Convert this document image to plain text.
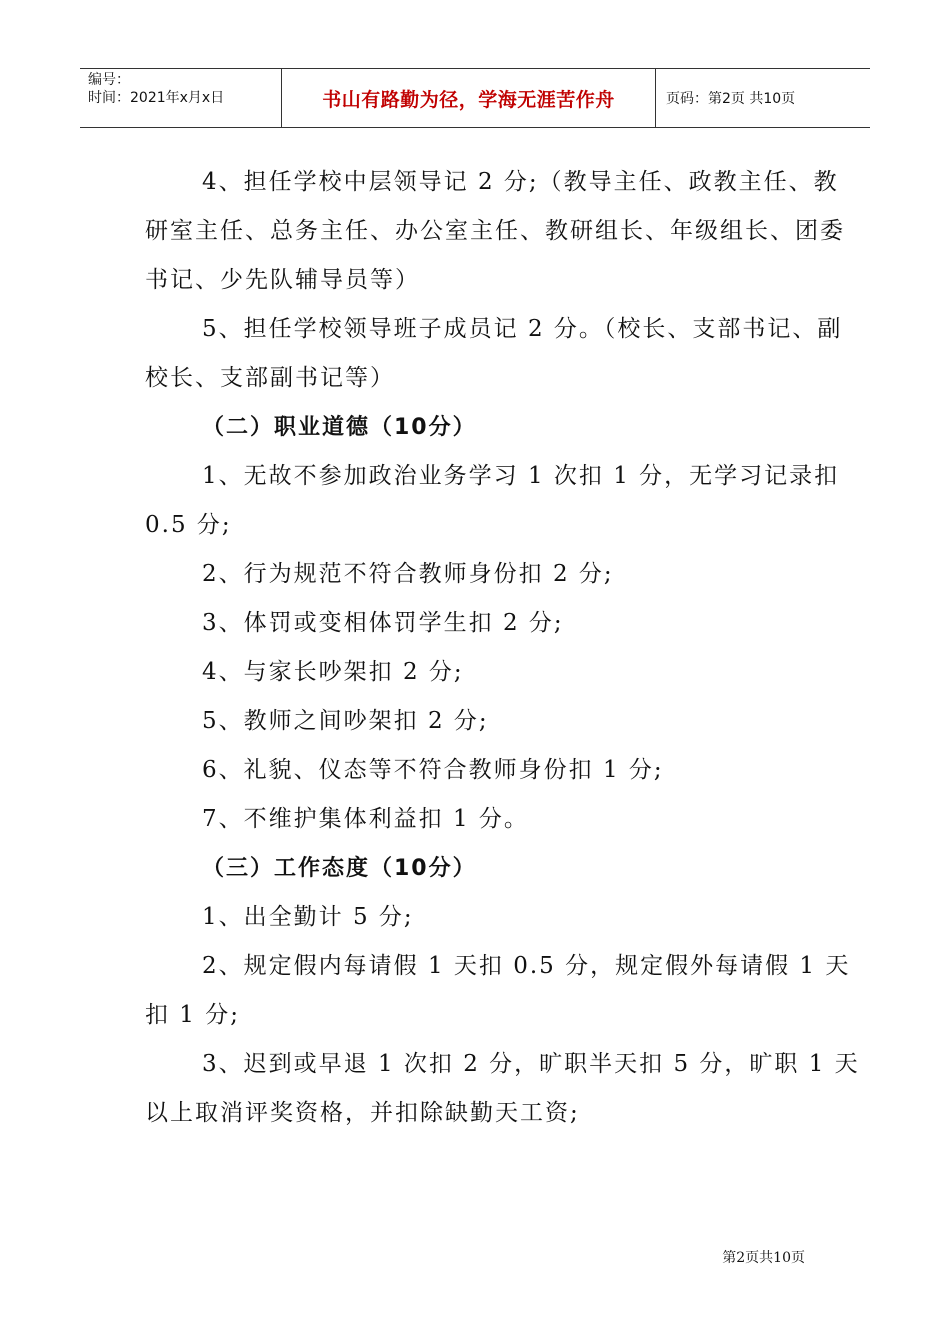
编号：
时间：2021年x月x日	书山有路勤为径，学海无涯苦作舟	页码：第2页 共10页

4、担任学校中层领导记 2 分;（教导主任、政教主任、教

研室主任、总务主任、办公室主任、教研组长、年级组长、团委

书记、少先队辅导员等）

5、担任学校领导班子成员记 2 分。（校长、支部书记、副

校长、支部副书记等）

（二）职业道德（10分）

1、无故不参加政治业务学习 1 次扣 1 分，无学习记录扣

0.5 分;

2、行为规范不符合教师身份扣 2 分;

3、体罚或变相体罚学生扣 2 分;

4、与家长吵架扣 2 分;

5、教师之间吵架扣 2 分;

6、礼貌、仪态等不符合教师身份扣 1 分;

7、不维护集体利益扣 1 分。

（三）工作态度（10分）

1、出全勤计 5 分;

2、规定假内每请假 1 天扣 0.5 分，规定假外每请假 1 天

扣 1 分;

3、迟到或早退 1 次扣 2 分，旷职半天扣 5 分，旷职 1 天

以上取消评奖资格，并扣除缺勤天工资;

第2页共10页
